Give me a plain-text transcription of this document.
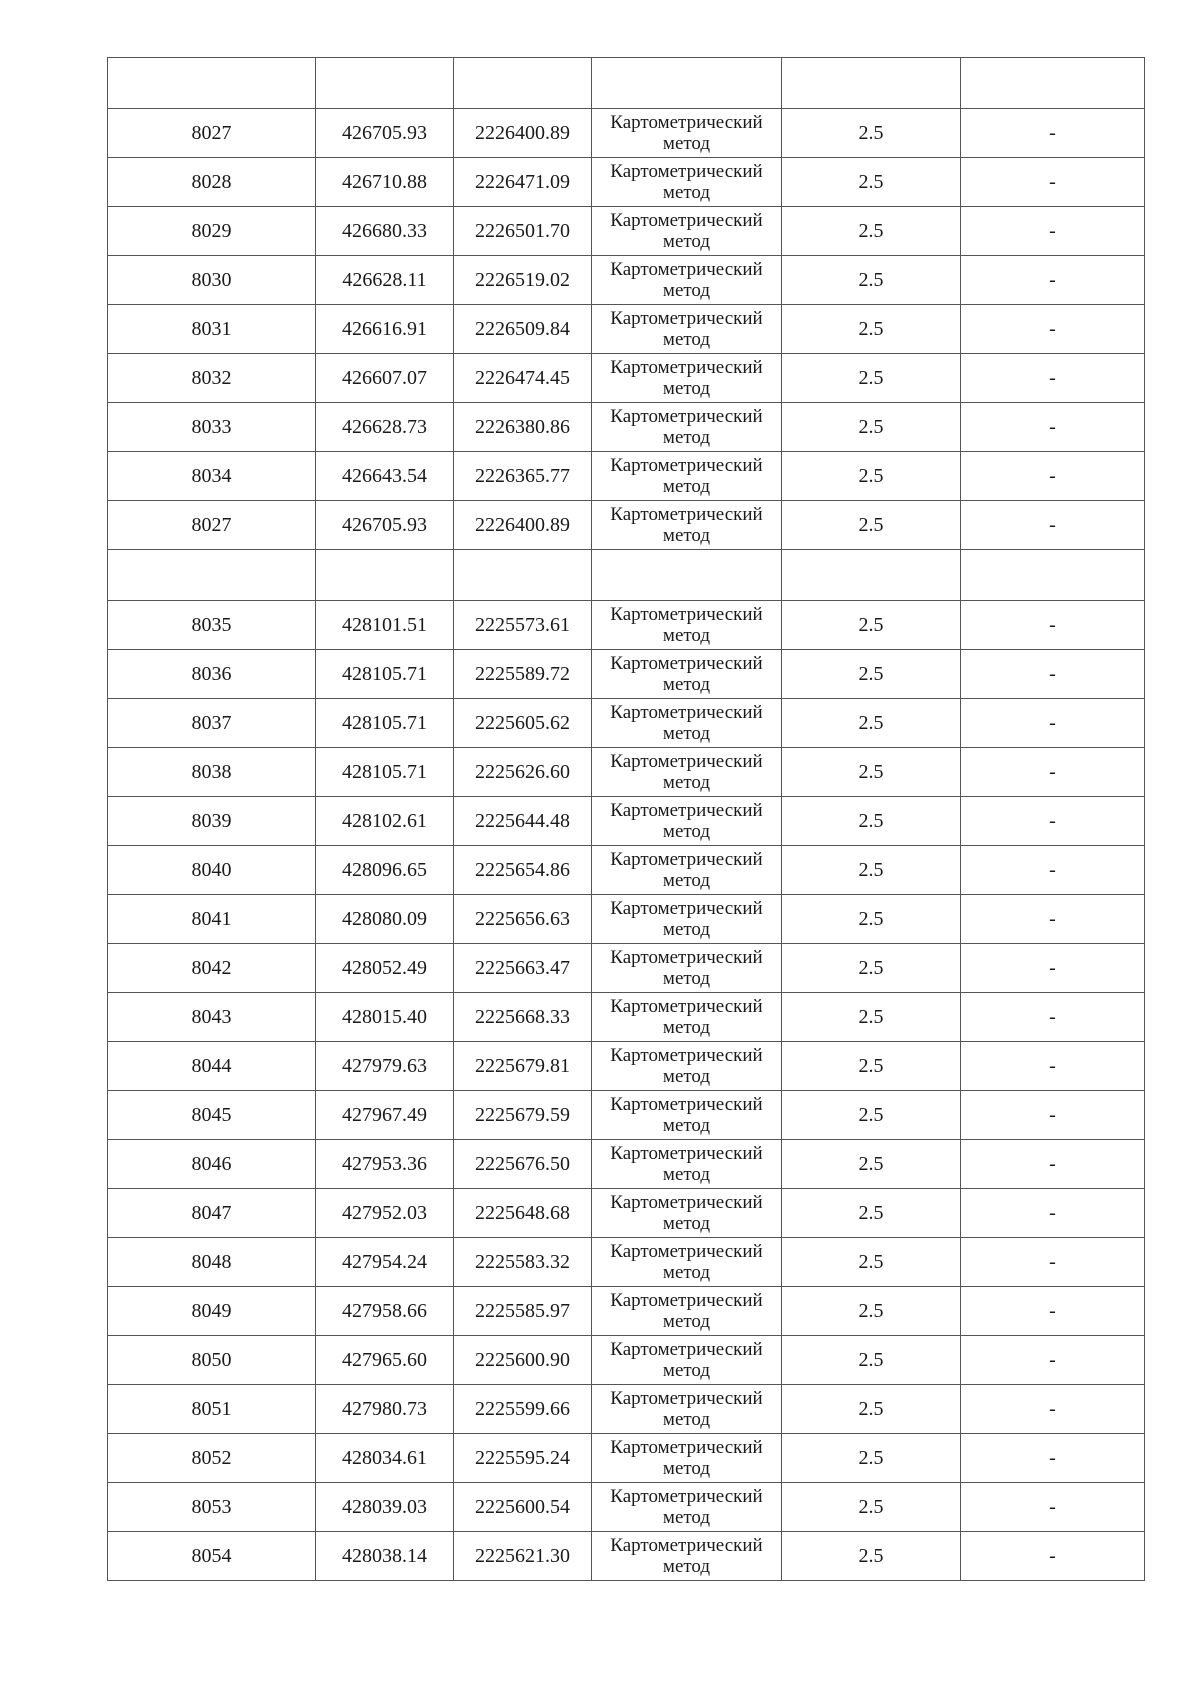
8027	426705.93	2226400.89	Картометрический метод	2.5	-
8028	426710.88	2226471.09	Картометрический метод	2.5	-
8029	426680.33	2226501.70	Картометрический метод	2.5	-
8030	426628.11	2226519.02	Картометрический метод	2.5	-
8031	426616.91	2226509.84	Картометрический метод	2.5	-
8032	426607.07	2226474.45	Картометрический метод	2.5	-
8033	426628.73	2226380.86	Картометрический метод	2.5	-
8034	426643.54	2226365.77	Картометрический метод	2.5	-
8027	426705.93	2226400.89	Картометрический метод	2.5	-

8035	428101.51	2225573.61	Картометрический метод	2.5	-
8036	428105.71	2225589.72	Картометрический метод	2.5	-
8037	428105.71	2225605.62	Картометрический метод	2.5	-
8038	428105.71	2225626.60	Картометрический метод	2.5	-
8039	428102.61	2225644.48	Картометрический метод	2.5	-
8040	428096.65	2225654.86	Картометрический метод	2.5	-
8041	428080.09	2225656.63	Картометрический метод	2.5	-
8042	428052.49	2225663.47	Картометрический метод	2.5	-
8043	428015.40	2225668.33	Картометрический метод	2.5	-
8044	427979.63	2225679.81	Картометрический метод	2.5	-
8045	427967.49	2225679.59	Картометрический метод	2.5	-
8046	427953.36	2225676.50	Картометрический метод	2.5	-
8047	427952.03	2225648.68	Картометрический метод	2.5	-
8048	427954.24	2225583.32	Картометрический метод	2.5	-
8049	427958.66	2225585.97	Картометрический метод	2.5	-
8050	427965.60	2225600.90	Картометрический метод	2.5	-
8051	427980.73	2225599.66	Картометрический метод	2.5	-
8052	428034.61	2225595.24	Картометрический метод	2.5	-
8053	428039.03	2225600.54	Картометрический метод	2.5	-
8054	428038.14	2225621.30	Картометрический метод	2.5	-
